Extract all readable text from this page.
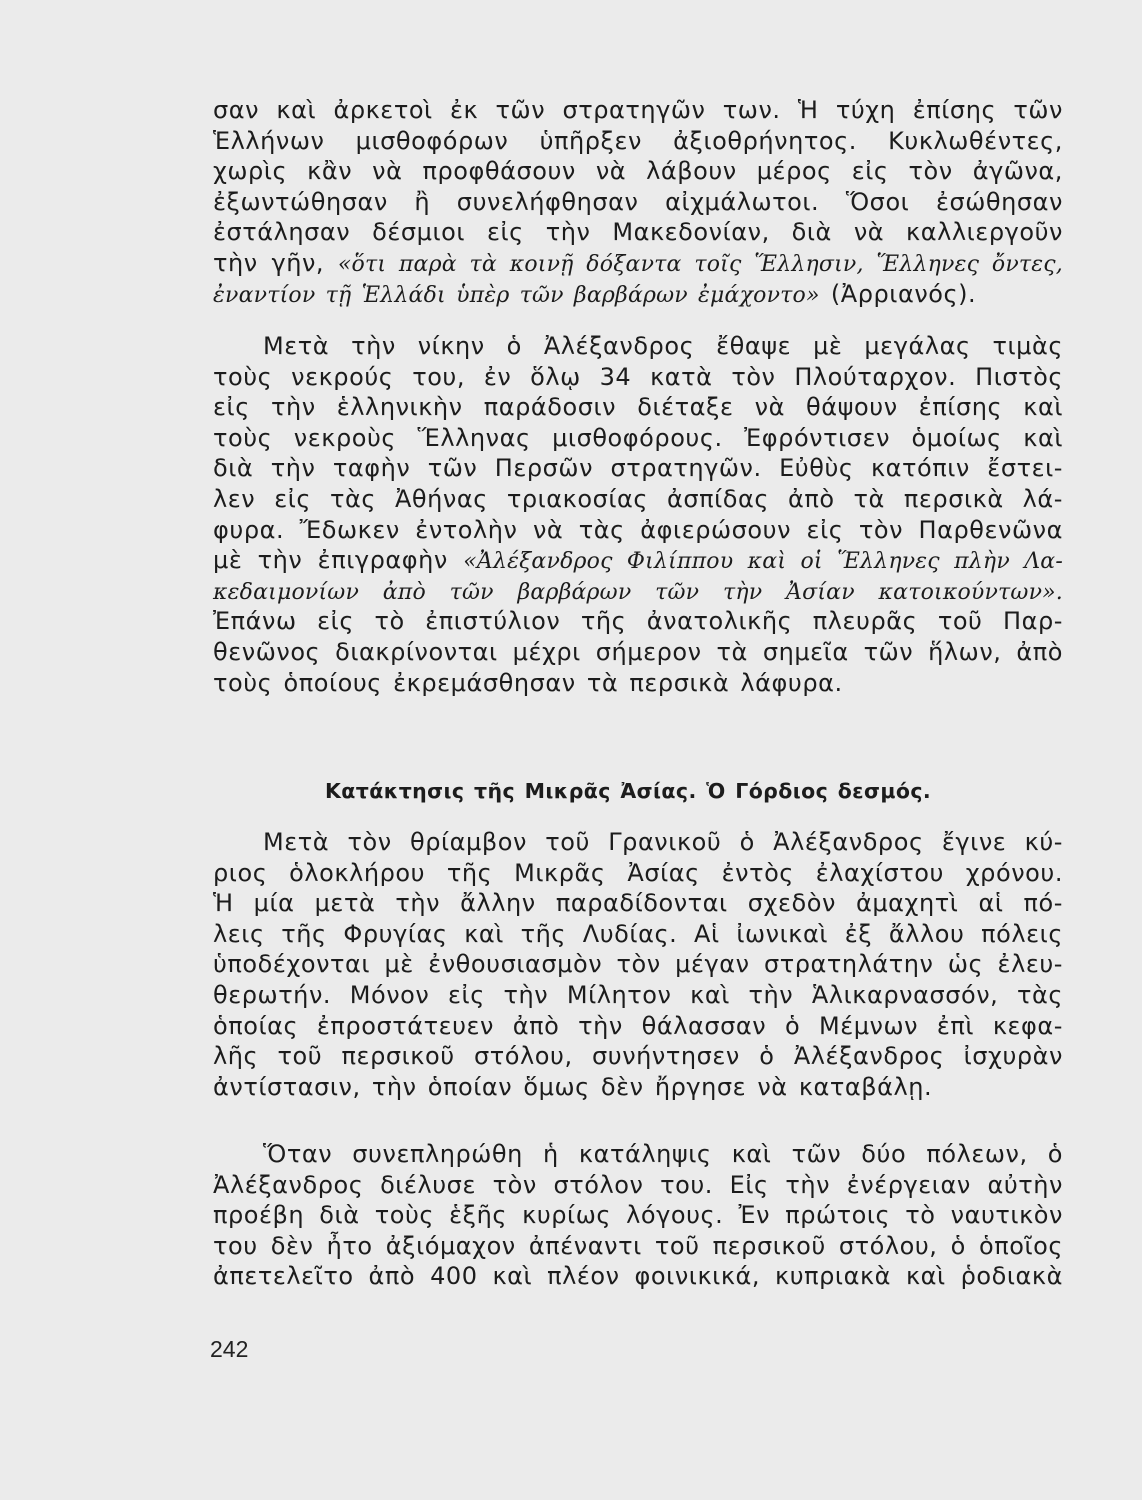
σαν καὶ ἀρκετοὶ ἐκ τῶν στρατηγῶν των. Ἡ τύχη ἐπίσης τῶν
Ἑλλήνων μισθοφόρων ὑπῆρξεν ἀξιοθρήνητος. Κυκλωθέντες,
χωρὶς κἂν νὰ προφθάσουν νὰ λάβουν μέρος εἰς τὸν ἀγῶνα,
ἐξωντώθησαν ἢ συνελήφθησαν αἰχμάλωτοι. Ὅσοι ἐσώθησαν
ἐστάλησαν δέσμιοι εἰς τὴν Μακεδονίαν, διὰ νὰ καλλιεργοῦν
τὴν γῆν, «ὅτι παρὰ τὰ κοινῇ δόξαντα τοῖς Ἕλλησιν, Ἕλληνες ὄντες,
ἐναντίον τῇ Ἑλλάδι ὑπὲρ τῶν βαρβάρων ἐμάχοντο» (Ἀρριανός).
Μετὰ τὴν νίκην ὁ Ἀλέξανδρος ἔθαψε μὲ μεγάλας τιμὰς
τοὺς νεκρούς του, ἐν ὅλῳ 34 κατὰ τὸν Πλούταρχον. Πιστὸς
εἰς τὴν ἑλληνικὴν παράδοσιν διέταξε νὰ θάψουν ἐπίσης καὶ
τοὺς νεκροὺς Ἕλληνας μισθοφόρους. Ἐφρόντισεν ὁμοίως καὶ
διὰ τὴν ταφὴν τῶν Περσῶν στρατηγῶν. Εὐθὺς κατόπιν ἔστει-
λεν εἰς τὰς Ἀθήνας τριακοσίας ἀσπίδας ἀπὸ τὰ περσικὰ λά-
φυρα. Ἔδωκεν ἐντολὴν νὰ τὰς ἀφιερώσουν εἰς τὸν Παρθενῶνα
μὲ τὴν ἐπιγραφὴν «Ἀλέξανδρος Φιλίππου καὶ οἱ Ἕλληνες πλὴν Λα-
κεδαιμονίων ἀπὸ τῶν βαρβάρων τῶν τὴν Ἀσίαν κατοικούντων».
Ἐπάνω εἰς τὸ ἐπιστύλιον τῆς ἀνατολικῆς πλευρᾶς τοῦ Παρ-
θενῶνος διακρίνονται μέχρι σήμερον τὰ σημεῖα τῶν ἥλων, ἀπὸ
τοὺς ὁποίους ἐκρεμάσθησαν τὰ περσικὰ λάφυρα.
Κατάκτησις τῆς Μικρᾶς Ἀσίας. Ὁ Γόρδιος δεσμός.
Μετὰ τὸν θρίαμβον τοῦ Γρανικοῦ ὁ Ἀλέξανδρος ἔγινε κύ-
ριος ὁλοκλήρου τῆς Μικρᾶς Ἀσίας ἐντὸς ἐλαχίστου χρόνου.
Ἡ μία μετὰ τὴν ἄλλην παραδίδονται σχεδὸν ἀμαχητὶ αἱ πό-
λεις τῆς Φρυγίας καὶ τῆς Λυδίας. Αἱ ἰωνικαὶ ἐξ ἄλλου πόλεις
ὑποδέχονται μὲ ἐνθουσιασμὸν τὸν μέγαν στρατηλάτην ὡς ἐλευ-
θερωτήν. Μόνον εἰς τὴν Μίλητον καὶ τὴν Ἁλικαρνασσόν, τὰς
ὁποίας ἐπροστάτευεν ἀπὸ τὴν θάλασσαν ὁ Μέμνων ἐπὶ κεφα-
λῆς τοῦ περσικοῦ στόλου, συνήντησεν ὁ Ἀλέξανδρος ἰσχυρὰν
ἀντίστασιν, τὴν ὁποίαν ὅμως δὲν ἤργησε νὰ καταβάλῃ.
Ὅταν συνεπληρώθη ἡ κατάληψις καὶ τῶν δύο πόλεων, ὁ
Ἀλέξανδρος διέλυσε τὸν στόλον του. Εἰς τὴν ἐνέργειαν αὐτὴν
προέβη διὰ τοὺς ἑξῆς κυρίως λόγους. Ἐν πρώτοις τὸ ναυτικὸν
του δὲν ἦτο ἀξιόμαχον ἀπέναντι τοῦ περσικοῦ στόλου, ὁ ὁποῖος
ἀπετελεῖτο ἀπὸ 400 καὶ πλέον φοινικικά, κυπριακὰ καὶ ῥοδιακὰ
242
